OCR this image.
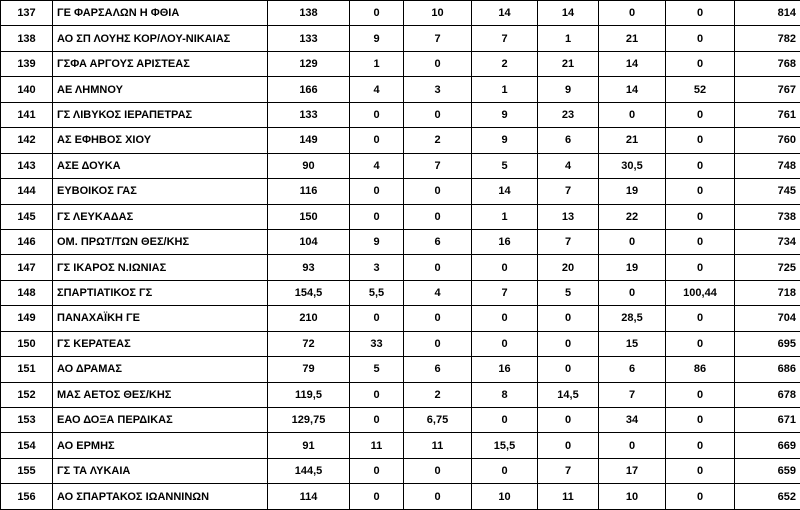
137	ΓΕ ΦΑΡΣΑΛΩΝ Η ΦΘΙΑ	138	0	10	14	14	0	0	814
138	ΑΟ ΣΠ ΛΟΥΗΣ ΚΟΡ/ΛΟΥ-ΝΙΚΑΙΑΣ	133	9	7	7	1	21	0	782
139	ΓΣΦΑ ΑΡΓΟΥΣ ΑΡΙΣΤΕΑΣ	129	1	0	2	21	14	0	768
140	ΑΕ ΛΗΜΝΟΥ	166	4	3	1	9	14	52	767
141	ΓΣ ΛΙΒΥΚΟΣ ΙΕΡΑΠΕΤΡΑΣ	133	0	0	9	23	0	0	761
142	ΑΣ ΕΦΗΒΟΣ ΧΙΟΥ	149	0	2	9	6	21	0	760
143	ΑΣΕ ΔΟΥΚΑ	90	4	7	5	4	30,5	0	748
144	ΕΥΒΟΙΚΟΣ ΓΑΣ	116	0	0	14	7	19	0	745
145	ΓΣ ΛΕΥΚΑΔΑΣ	150	0	0	1	13	22	0	738
146	ΟΜ. ΠΡΩΤ/ΤΩΝ ΘΕΣ/ΚΗΣ	104	9	6	16	7	0	0	734
147	ΓΣ ΙΚΑΡΟΣ Ν.ΙΩΝΙΑΣ	93	3	0	0	20	19	0	725
148	ΣΠΑΡΤΙΑΤΙΚΟΣ ΓΣ	154,5	5,5	4	7	5	0	100,44	718
149	ΠΑΝΑΧΑΪΚΗ ΓΕ	210	0	0	0	0	28,5	0	704
150	ΓΣ ΚΕΡΑΤΕΑΣ	72	33	0	0	0	15	0	695
151	ΑΟ ΔΡΑΜΑΣ	79	5	6	16	0	6	86	686
152	ΜΑΣ ΑΕΤΟΣ ΘΕΣ/ΚΗΣ	119,5	0	2	8	14,5	7	0	678
153	ΕΑΟ ΔΟΞΑ ΠΕΡΔΙΚΑΣ	129,75	0	6,75	0	0	34	0	671
154	ΑΟ ΕΡΜΗΣ	91	11	11	15,5	0	0	0	669
155	ΓΣ ΤΑ ΛΥΚΑΙΑ	144,5	0	0	0	7	17	0	659
156	ΑΟ ΣΠΑΡΤΑΚΟΣ ΙΩΑΝΝΙΝΩΝ	114	0	0	10	11	10	0	652
